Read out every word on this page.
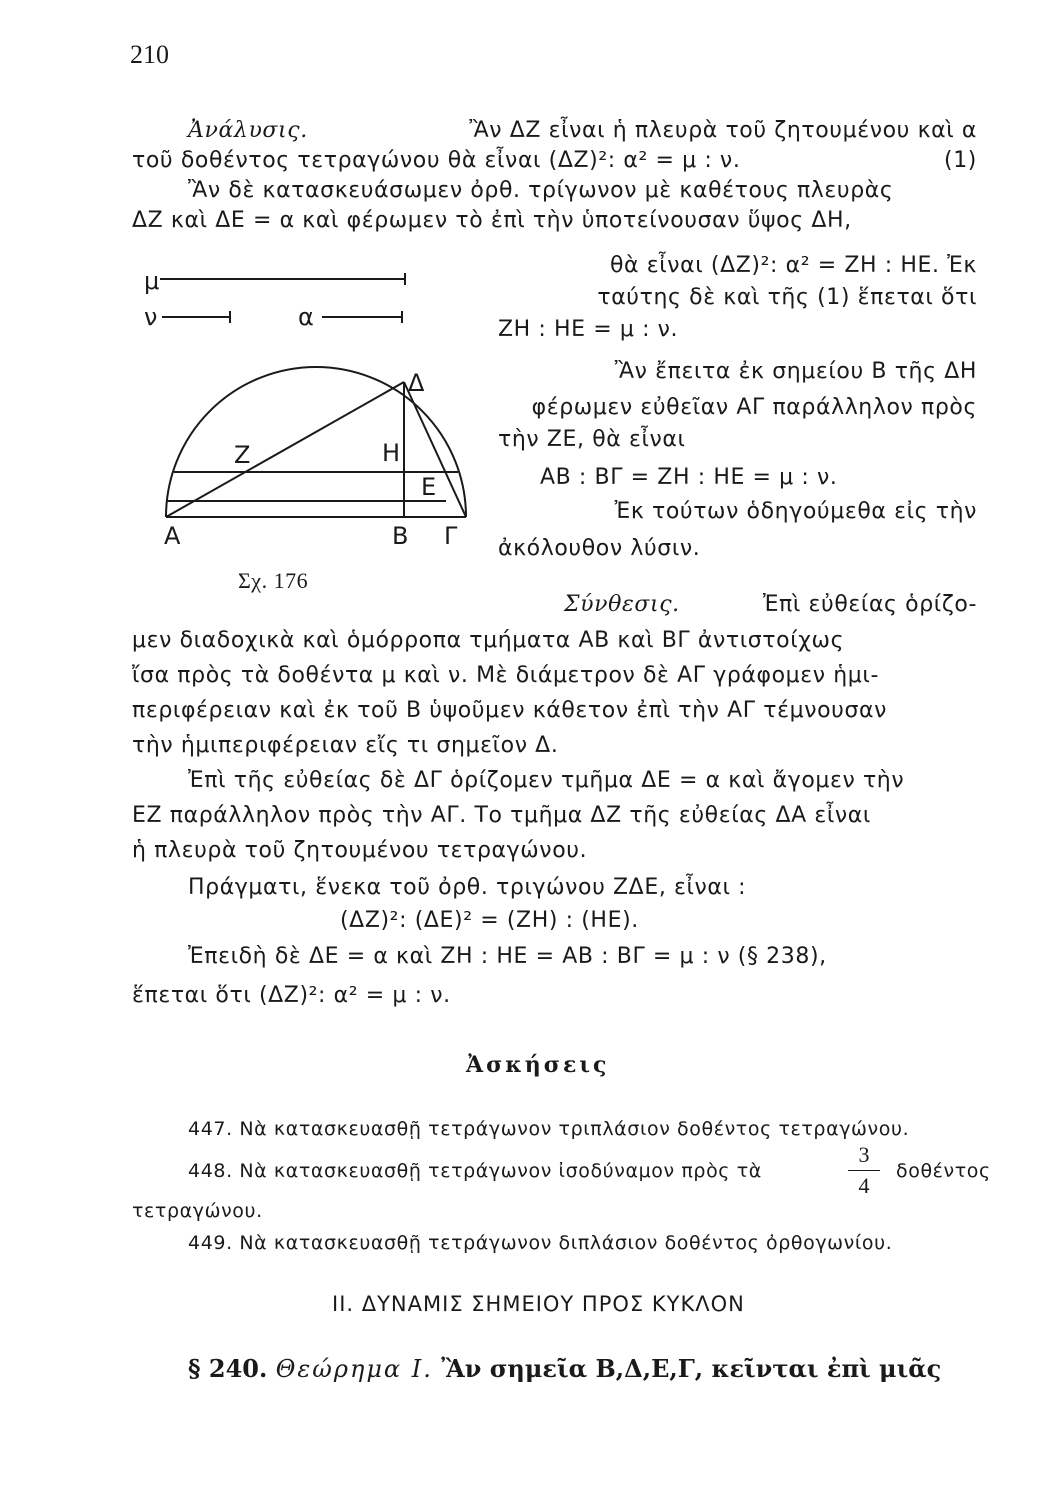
210
Ἀνάλυσις.	Ἂν ΔΖ εἶναι ἡ πλευρὰ τοῦ ζητουμένου καὶ α
τοῦ δοθέντος τετραγώνου θὰ εἶναι (ΔΖ)²: α² = μ : ν.	(1)
Ἂν δὲ κατασκευάσωμεν ὀρθ. τρίγωνον μὲ καθέτους πλευρὰς
ΔΖ καὶ ΔΕ = α καὶ φέρωμεν τὸ ἐπὶ τὴν ὑποτείνουσαν ὕψος ΔΗ,
θὰ εἶναι (ΔΖ)²: α² = ΖΗ : ΗΕ. Ἐκ
ταύτης δὲ καὶ τῆς (1) ἕπεται ὅτι
ΖΗ : ΗΕ = μ : ν.
Ἂν ἔπειτα ἐκ σημείου Β τῆς ΔΗ
φέρωμεν εὐθεῖαν ΑΓ παράλληλον πρὸς
τὴν ΖΕ, θὰ εἶναι
ΑΒ : ΒΓ = ΖΗ : ΗΕ = μ : ν.
Ἐκ τούτων ὁδηγούμεθα εἰς τὴν
ἀκόλουθον λύσιν.
μ
ν	α
Δ
Ζ	Η
Ε
Α	Β Γ
Σχ. 176
Σύνθεσις.	Ἐπὶ εὐθείας ὁρίζο-
μεν διαδοχικὰ καὶ ὁμόρροπα τμήματα ΑΒ καὶ ΒΓ ἀντιστοίχως
ἴσα πρὸς τὰ δοθέντα μ καὶ ν. Μὲ διάμετρον δὲ ΑΓ γράφομεν ἡμι-
περιφέρειαν καὶ ἐκ τοῦ Β ὑψοῦμεν κάθετον ἐπὶ τὴν ΑΓ τέμνουσαν
τὴν ἡμιπεριφέρειαν εἴς τι σημεῖον Δ.
Ἐπὶ τῆς εὐθείας δὲ ΔΓ ὁρίζομεν τμῆμα ΔΕ = α καὶ ἄγομεν τὴν
ΕΖ παράλληλον πρὸς τὴν ΑΓ. Το τμῆμα ΔΖ τῆς εὐθείας ΔΑ εἶναι
ἡ πλευρὰ τοῦ ζητουμένου τετραγώνου.
Πράγματι, ἕνεκα τοῦ ὀρθ. τριγώνου ΖΔΕ, εἶναι :
(ΔΖ)²: (ΔΕ)² = (ΖΗ) : (ΗΕ).
Ἐπειδὴ δὲ ΔΕ = α καὶ ΖΗ : ΗΕ = ΑΒ : ΒΓ = μ : ν (§ 238),
ἕπεται ὅτι (ΔΖ)²: α² = μ : ν.
Ἀσκήσεις
447. Νὰ κατασκευασθῇ τετράγωνον τριπλάσιον δοθέντος τετραγώνου.
448. Νὰ κατασκευασθῇ τετράγωνον ἰσοδύναμον πρὸς τὰ
3
4
δοθέντος
τετραγώνου.
449. Νὰ κατασκευασθῇ τετράγωνον διπλάσιον δοθέντος ὀρθογωνίου.
II. ΔΥΝΑΜΙΣ ΣΗΜΕΙΟΥ ΠΡΟΣ ΚΥΚΛΟΝ
§ 240. Θεώρημα I. Ἂν σημεῖα Β,Δ,Ε,Γ, κεῖνται ἐπὶ μιᾶς
